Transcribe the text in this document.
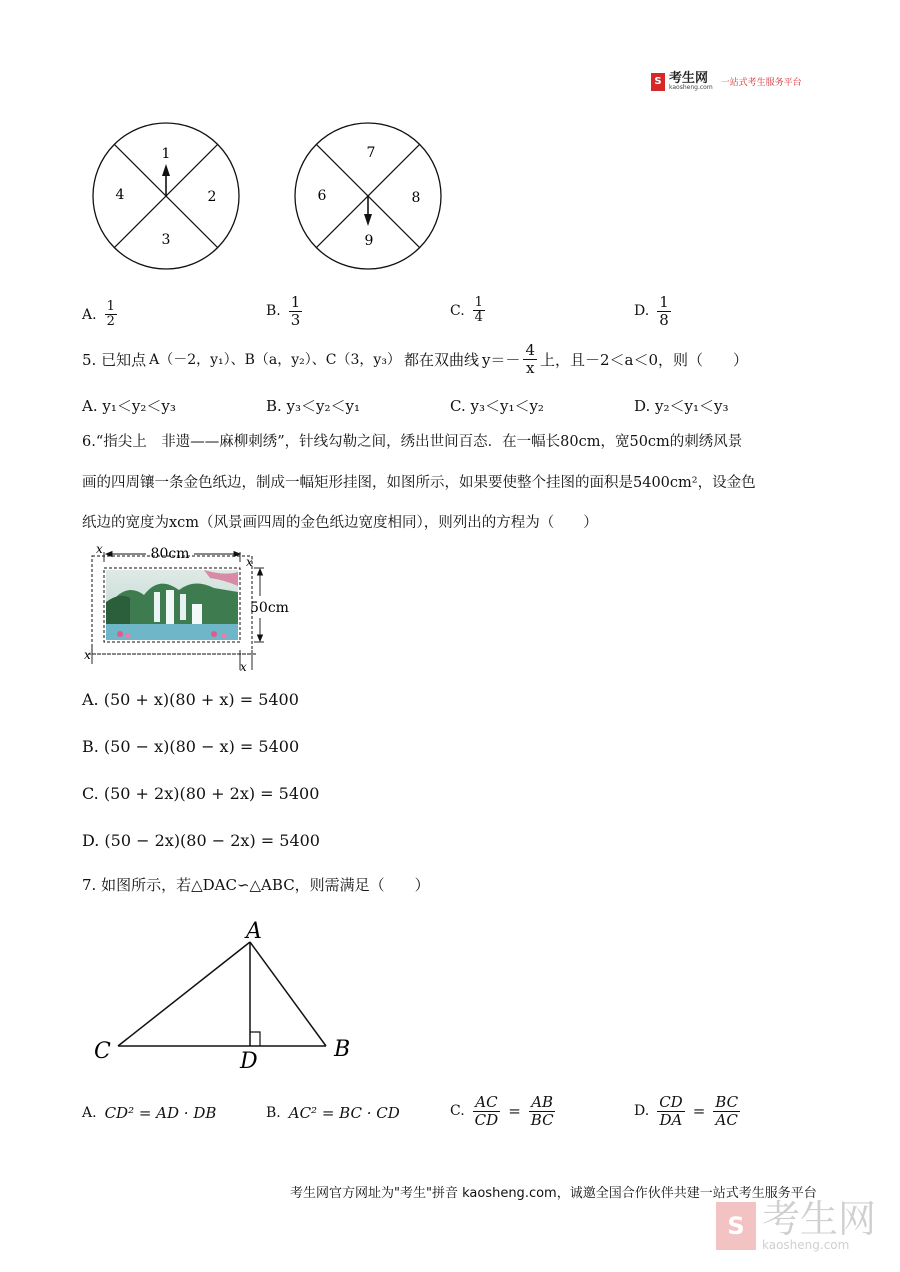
S 考生网
kaosheng.com 一站式考生服务平台
1
2
3
4
7
8
9
6
A. $\frac{1}{2}$	B. $\frac{1}{3}$	C. $\frac{1}{4}$	D. $\frac{1}{8}$
5. 已知点 A（－2，y₁）、B（a，y₂）、C（3，y₃） 都在双曲线 $y=- \frac{4}{x}$ 上，且－2＜a＜0，则（　　）
A. y₁＜y₂＜y₃	B. y₃＜y₂＜y₁	C. y₃＜y₁＜y₂	D. y₂＜y₁＜y₃
6.“指尖上　非遗——麻柳刺绣”，针线勾勒之间，绣出世间百态．在一幅长80cm，宽50cm的刺绣风景
画的四周镶一条金色纸边，制成一幅矩形挂图，如图所示，如果要使整个挂图的面积是5400cm²，设金色
纸边的宽度为xcm（风景画四周的金色纸边宽度相同），则列出的方程为（　　）
80cm
50cm
x
x
x
x
A. (50 + x)(80 + x) = 5400
B. (50 − x)(80 − x) = 5400
C. (50 + 2x)(80 + 2x) = 5400
D. (50 − 2x)(80 − 2x) = 5400
7. 如图所示，若△DAC∽△ABC，则需满足（　　）
A
B
C	D
A. CD² = AD · DB	B. AC² = BC · CD	C. $\frac{AC}{CD} = \frac{AB}{BC}$	D. $\frac{CD}{DA} = \frac{BC}{AC}$
考生网官方网址为"考生"拼音 kaosheng.com，诚邀全国合作伙伴共建一站式考生服务平台
S 考生网
kaosheng.com
